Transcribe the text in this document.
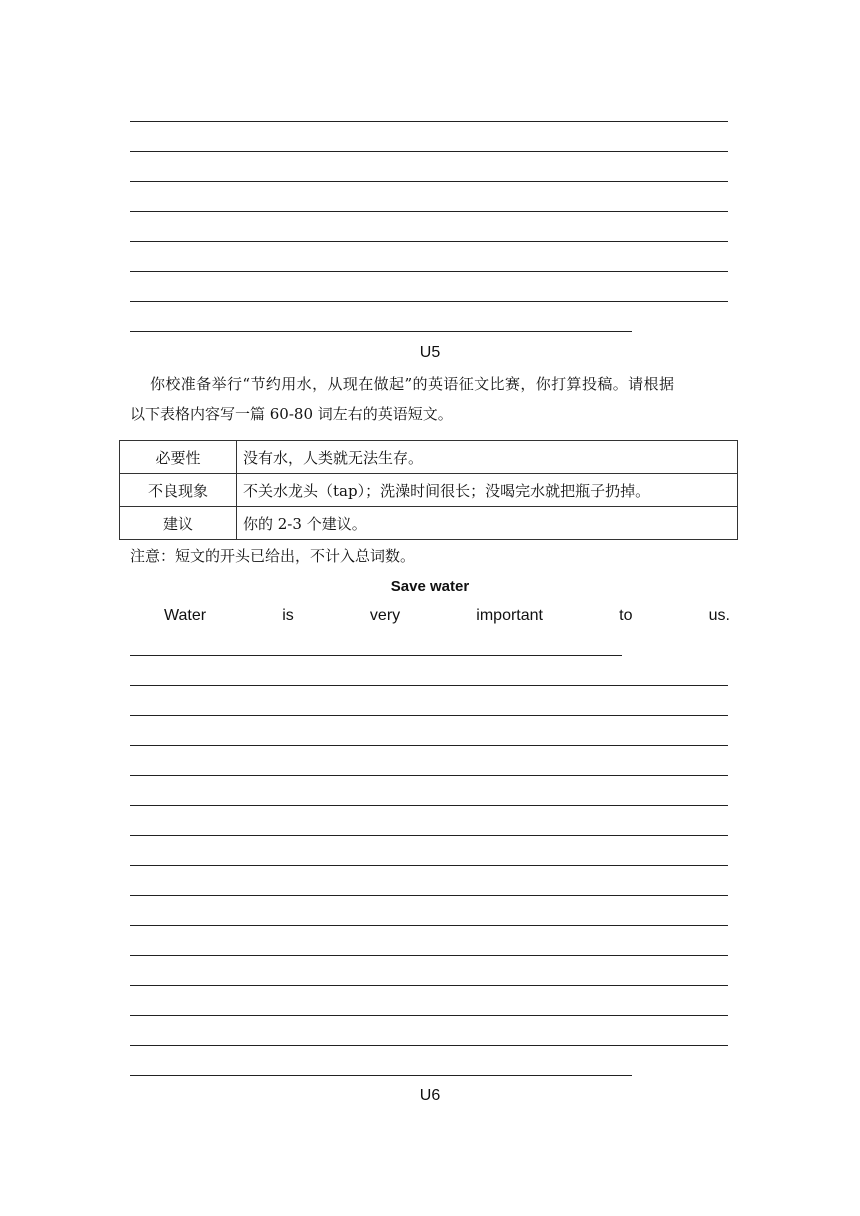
U5
你校准备举行“节约用水，从现在做起”的英语征文比赛，你打算投稿。请根据
以下表格内容写一篇 60-80 词左右的英语短文。
必要性	没有水，人类就无法生存。
不良现象	不关水龙头（tap）；洗澡时间很长；没喝完水就把瓶子扔掉。
建议	你的 2-3 个建议。
注意：短文的开头已给出，不计入总词数。
Save water
Water	is	very	important	to	us.
U6
